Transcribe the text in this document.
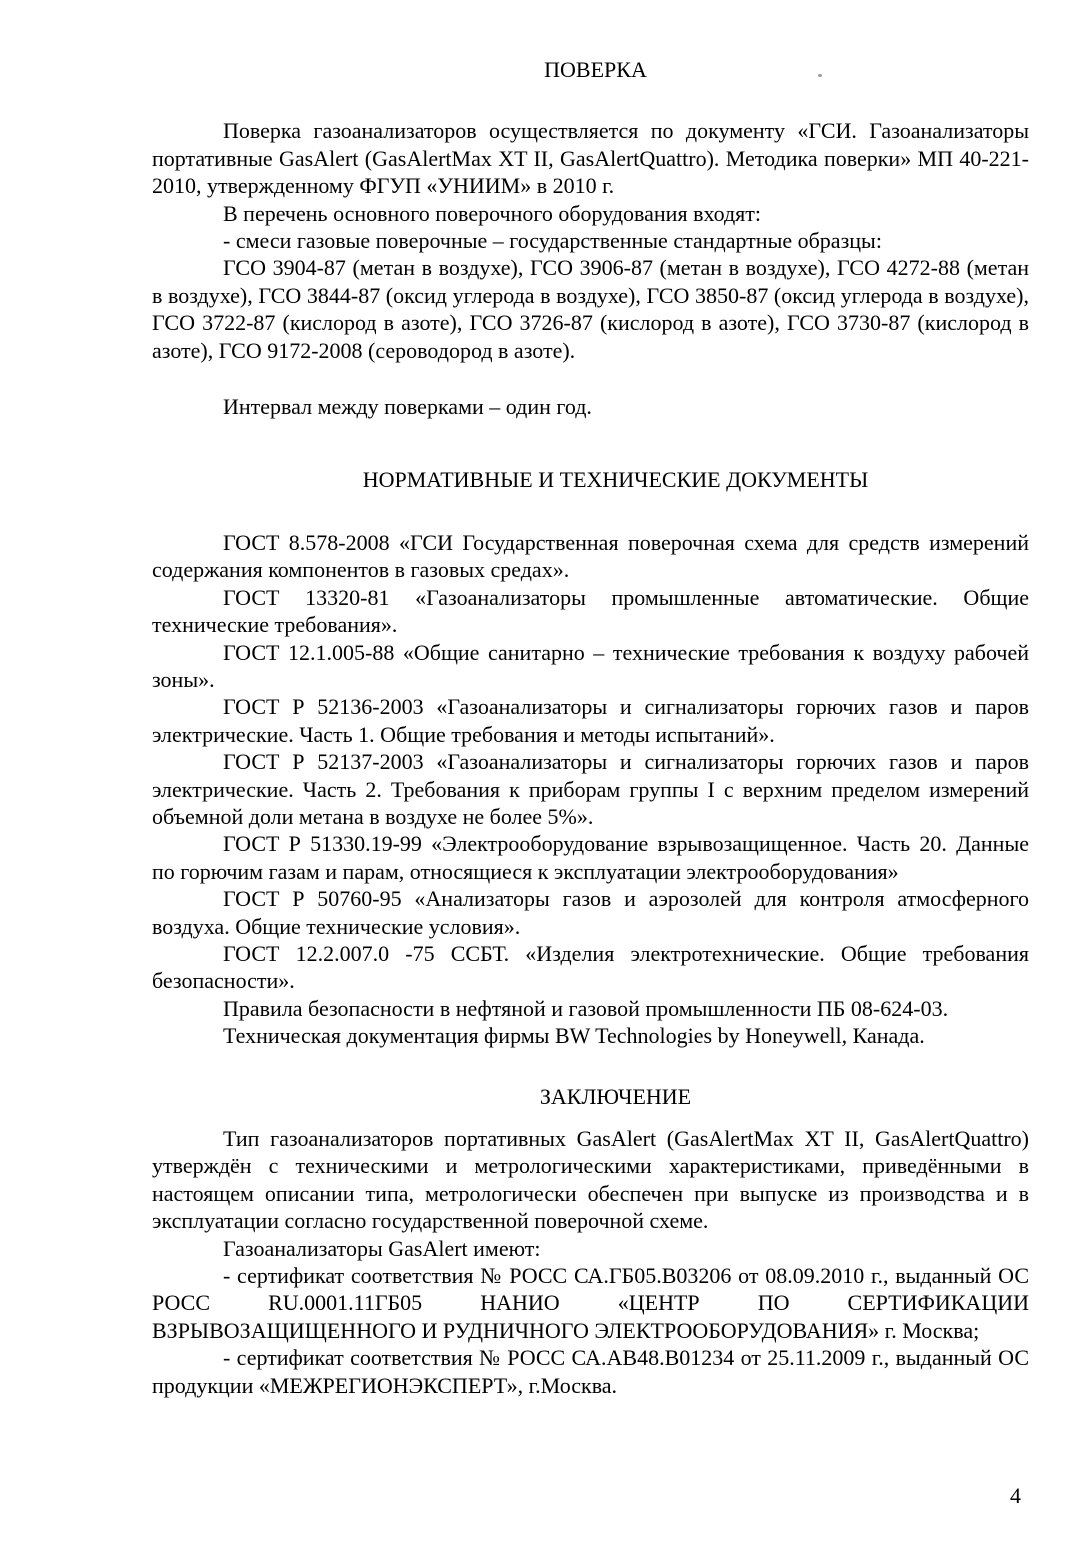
ПОВЕРКА

Поверка газоанализаторов осуществляется по документу «ГСИ. Газоанализаторы портативные GasAlert (GasAlertMax XT II, GasAlertQuattro). Методика поверки» МП 40-221-2010, утвержденному ФГУП «УНИИМ» в 2010 г.

В перечень основного поверочного оборудования входят:

- смеси газовые поверочные – государственные стандартные образцы:

ГСО 3904-87 (метан в воздухе), ГСО 3906-87 (метан в воздухе), ГСО 4272-88 (метан в воздухе), ГСО 3844-87 (оксид углерода в воздухе), ГСО 3850-87 (оксид углерода в воздухе), ГСО 3722-87 (кислород в азоте), ГСО 3726-87 (кислород в азоте), ГСО 3730-87 (кислород в азоте), ГСО 9172-2008 (сероводород в азоте).

Интервал между поверками – один год.

НОРМАТИВНЫЕ И ТЕХНИЧЕСКИЕ ДОКУМЕНТЫ

ГОСТ 8.578-2008 «ГСИ Государственная поверочная схема для средств измерений содержания компонентов в газовых средах».

ГОСТ 13320-81 «Газоанализаторы промышленные автоматические. Общие технические требования».

ГОСТ 12.1.005-88 «Общие санитарно – технические требования к воздуху рабочей зоны».

ГОСТ Р 52136-2003 «Газоанализаторы и сигнализаторы горючих газов и паров электрические. Часть 1. Общие требования и методы испытаний».

ГОСТ Р 52137-2003 «Газоанализаторы и сигнализаторы горючих газов и паров электрические. Часть 2. Требования к приборам группы I с верхним пределом измерений объемной доли метана в воздухе не более 5%».

ГОСТ Р 51330.19-99 «Электрооборудование взрывозащищенное. Часть 20. Данные по горючим газам и парам, относящиеся к эксплуатации электрооборудования»

ГОСТ Р 50760-95 «Анализаторы газов и аэрозолей для контроля атмосферного воздуха. Общие технические условия».

ГОСТ 12.2.007.0 -75 ССБТ. «Изделия электротехнические. Общие требования безопасности».

Правила безопасности в нефтяной и газовой промышленности ПБ 08-624-03.

Техническая документация фирмы BW Technologies by Honeywell, Канада.

ЗАКЛЮЧЕНИЕ

Тип газоанализаторов портативных GasAlert (GasAlertMax XT II, GasAlertQuattro) утверждён с техническими и метрологическими характеристиками, приведёнными в настоящем описании типа, метрологически обеспечен при выпуске из производства и в эксплуатации согласно государственной поверочной схеме.

Газоанализаторы GasAlert имеют:

- сертификат соответствия № РОСС СА.ГБ05.В03206 от 08.09.2010 г., выданный ОС РОСС RU.0001.11ГБ05 НАНИО «ЦЕНТР ПО СЕРТИФИКАЦИИ ВЗРЫВОЗАЩИЩЕННОГО И РУДНИЧНОГО ЭЛЕКТРООБОРУДОВАНИЯ» г. Москва;

- сертификат соответствия № РОСС СА.АВ48.В01234 от 25.11.2009 г., выданный ОС продукции «МЕЖРЕГИОНЭКСПЕРТ», г.Москва.

4
